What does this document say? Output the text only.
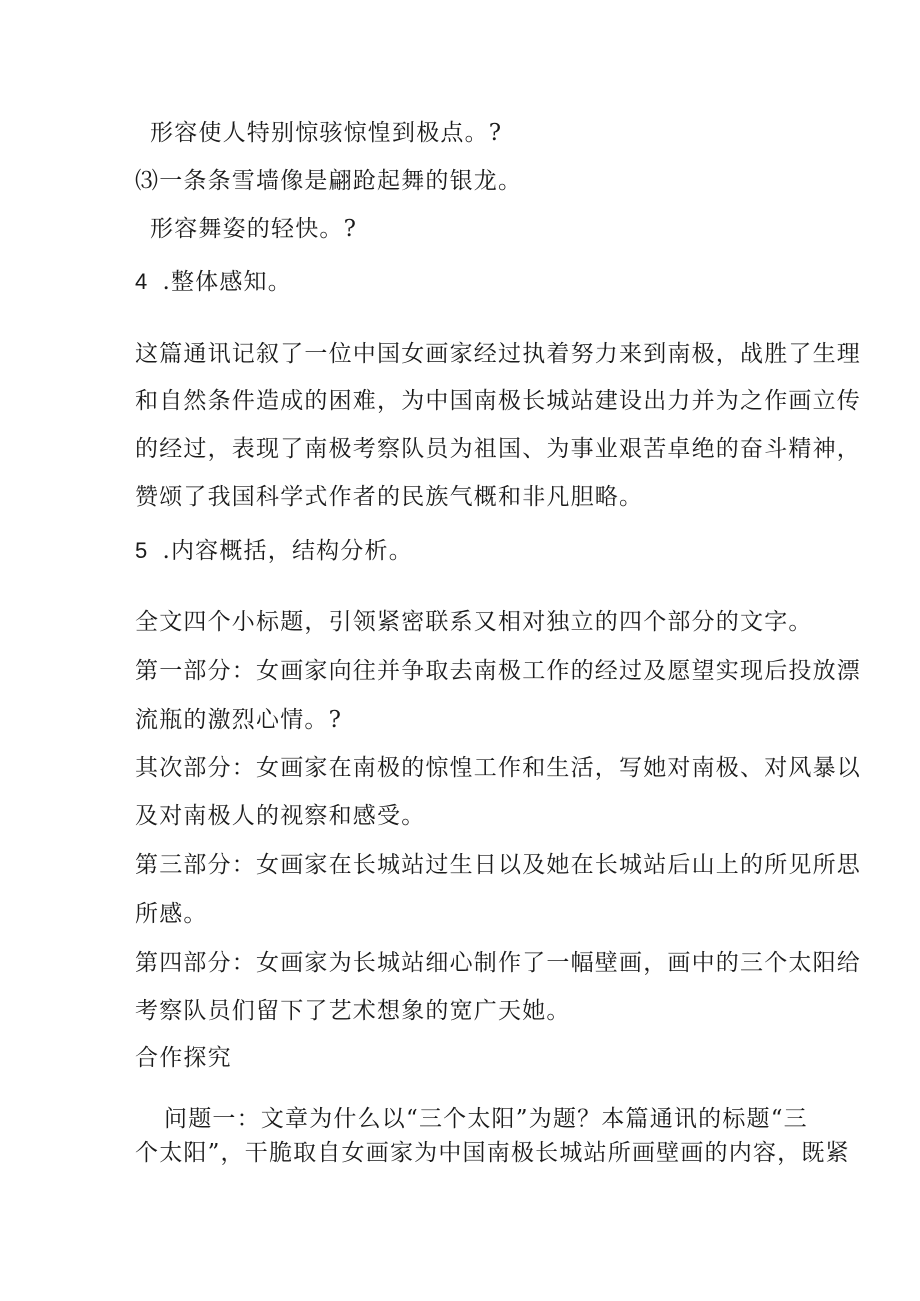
形容使人特别惊骇惊惶到极点。?
⑶一条条雪墙像是翩跄起舞的银龙。
形容舞姿的轻快。?
4 .整体感知。
这篇通讯记叙了一位中国女画家经过执着努力来到南极，战胜了生理
和自然条件造成的困难，为中国南极长城站建设出力并为之作画立传
的经过，表现了南极考察队员为祖国、为事业艰苦卓绝的奋斗精神，
赞颂了我国科学式作者的民族气概和非凡胆略。
5 .内容概括，结构分析。
全文四个小标题，引领紧密联系又相对独立的四个部分的文字。
第一部分：女画家向往并争取去南极工作的经过及愿望实现后投放漂
流瓶的激烈心情。?
其次部分：女画家在南极的惊惶工作和生活，写她对南极、对风暴以
及对南极人的视察和感受。
第三部分：女画家在长城站过生日以及她在长城站后山上的所见所思
所感。
第四部分：女画家为长城站细心制作了一幅壁画，画中的三个太阳给
考察队员们留下了艺术想象的宽广天她。
合作探究
问题一：文章为什么以“三个太阳”为题？本篇通讯的标题“三
个太阳”，干脆取自女画家为中国南极长城站所画壁画的内容，既紧
